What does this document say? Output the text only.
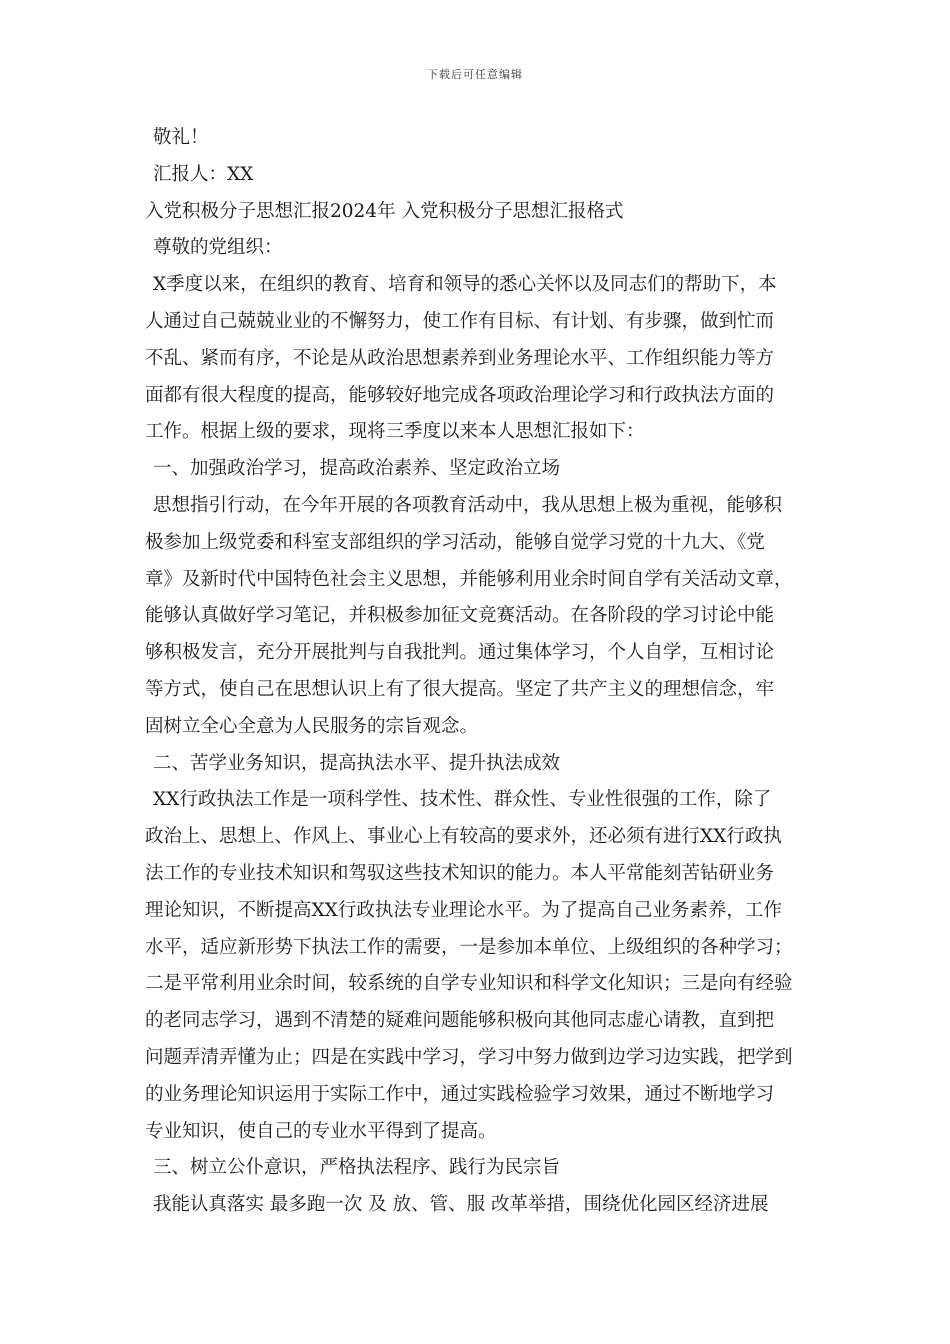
下载后可任意编辑
敬礼！
汇报人：XX
入党积极分子思想汇报2024年 入党积极分子思想汇报格式
尊敬的党组织：
X季度以来，在组织的教育、培育和领导的悉心关怀以及同志们的帮助下，本
人通过自己兢兢业业的不懈努力，使工作有目标、有计划、有步骤，做到忙而
不乱、紧而有序，不论是从政治思想素养到业务理论水平、工作组织能力等方
面都有很大程度的提高，能够较好地完成各项政治理论学习和行政执法方面的
工作。根据上级的要求，现将三季度以来本人思想汇报如下：
一、加强政治学习，提高政治素养、坚定政治立场
思想指引行动，在今年开展的各项教育活动中，我从思想上极为重视，能够积
极参加上级党委和科室支部组织的学习活动，能够自觉学习党的十九大、《党
章》及新时代中国特色社会主义思想，并能够利用业余时间自学有关活动文章，
能够认真做好学习笔记，并积极参加征文竞赛活动。在各阶段的学习讨论中能
够积极发言，充分开展批判与自我批判。通过集体学习，个人自学，互相讨论
等方式，使自己在思想认识上有了很大提高。坚定了共产主义的理想信念，牢
固树立全心全意为人民服务的宗旨观念。
二、苦学业务知识，提高执法水平、提升执法成效
XX行政执法工作是一项科学性、技术性、群众性、专业性很强的工作，除了
政治上、思想上、作风上、事业心上有较高的要求外，还必须有进行XX行政执
法工作的专业技术知识和驾驭这些技术知识的能力。本人平常能刻苦钻研业务
理论知识，不断提高XX行政执法专业理论水平。为了提高自己业务素养，工作
水平，适应新形势下执法工作的需要，一是参加本单位、上级组织的各种学习；
二是平常利用业余时间，较系统的自学专业知识和科学文化知识；三是向有经验
的老同志学习，遇到不清楚的疑难问题能够积极向其他同志虚心请教，直到把
问题弄清弄懂为止；四是在实践中学习，学习中努力做到边学习边实践，把学到
的业务理论知识运用于实际工作中，通过实践检验学习效果，通过不断地学习
专业知识，使自己的专业水平得到了提高。
三、树立公仆意识，严格执法程序、践行为民宗旨
我能认真落实 最多跑一次 及 放、管、服 改革举措，围绕优化园区经济进展
